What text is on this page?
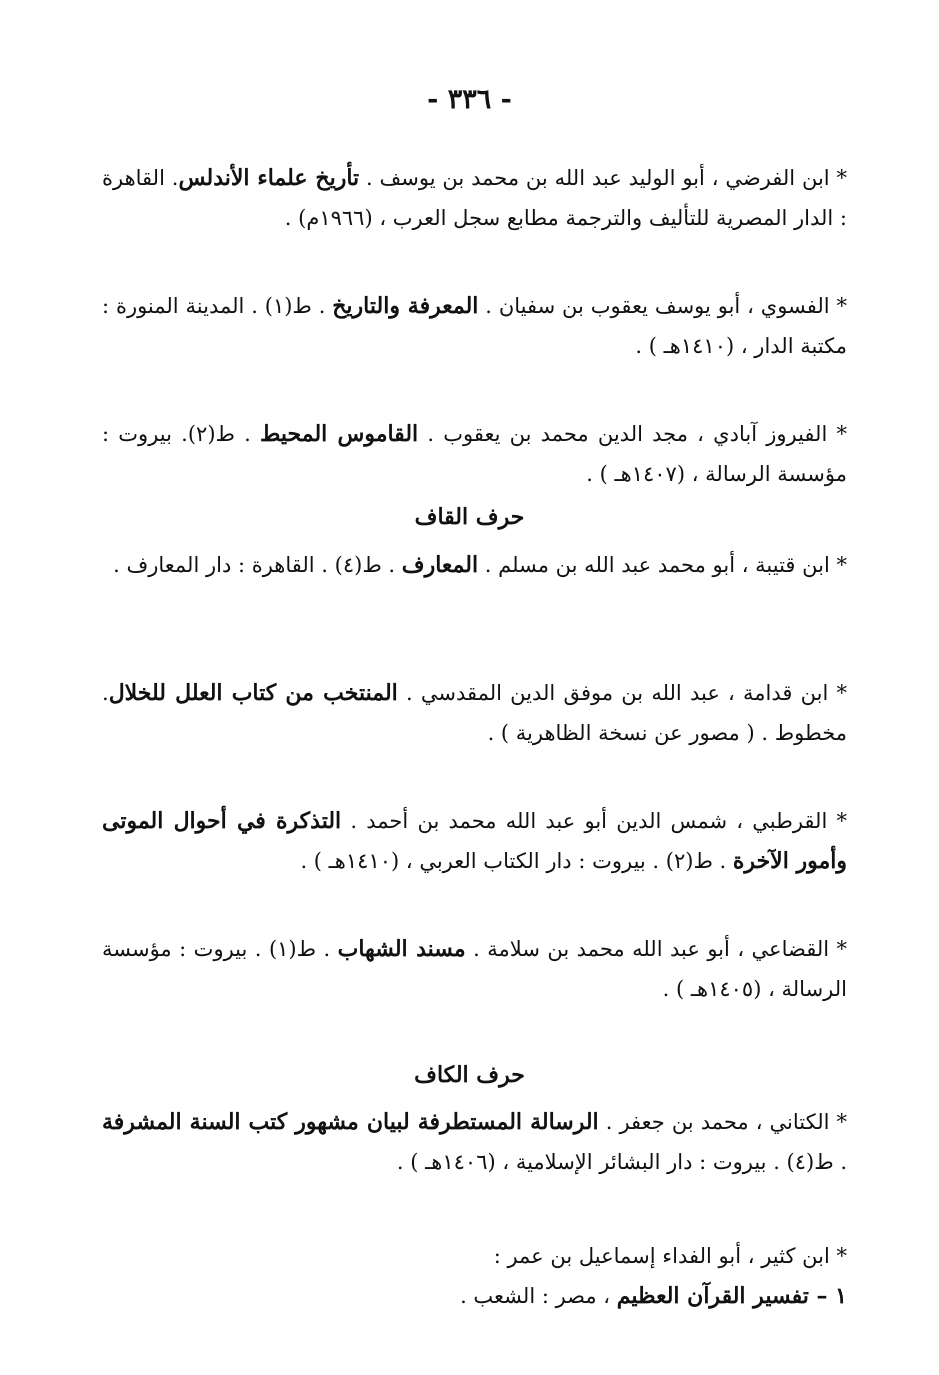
- ٣٣٦ -
* ابن الفرضي ، أبو الوليد عبد الله بن محمد بن يوسف . تأريخ علماء الأندلس. القاهرة : الدار المصرية للتأليف والترجمة مطابع سجل العرب ، (١٩٦٦م) .
* الفسوي ، أبو يوسف يعقوب بن سفيان . المعرفة والتاريخ . ط(١) . المدينة المنورة : مكتبة الدار ، (١٤١٠هـ ) .
* الفيروز آبادي ، مجد الدين محمد بن يعقوب . القاموس المحيط . ط(٢). بيروت : مؤسسة الرسالة ، (١٤٠٧هـ ) .
حرف القاف
* ابن قتيبة ، أبو محمد عبد الله بن مسلم . المعارف . ط(٤) . القاهرة : دار المعارف .
* ابن قدامة ، عبد الله بن موفق الدين المقدسي . المنتخب من كتاب العلل للخلال. مخطوط . ( مصور عن نسخة الظاهرية ) .
* القرطبي ، شمس الدين أبو عبد الله محمد بن أحمد . التذكرة في أحوال الموتى وأمور الآخرة . ط(٢) . بيروت : دار الكتاب العربي ، (١٤١٠هـ ) .
* القضاعي ، أبو عبد الله محمد بن سلامة . مسند الشهاب . ط(١) . بيروت : مؤسسة الرسالة ، (١٤٠٥هـ ) .
حرف الكاف
* الكتاني ، محمد بن جعفر . الرسالة المستطرفة لبيان مشهور كتب السنة المشرفة . ط(٤) . بيروت : دار البشائر الإسلامية ، (١٤٠٦هـ ) .
* ابن كثير ، أبو الفداء إسماعيل بن عمر :
١ – تفسير القرآن العظيم ، مصر : الشعب .
